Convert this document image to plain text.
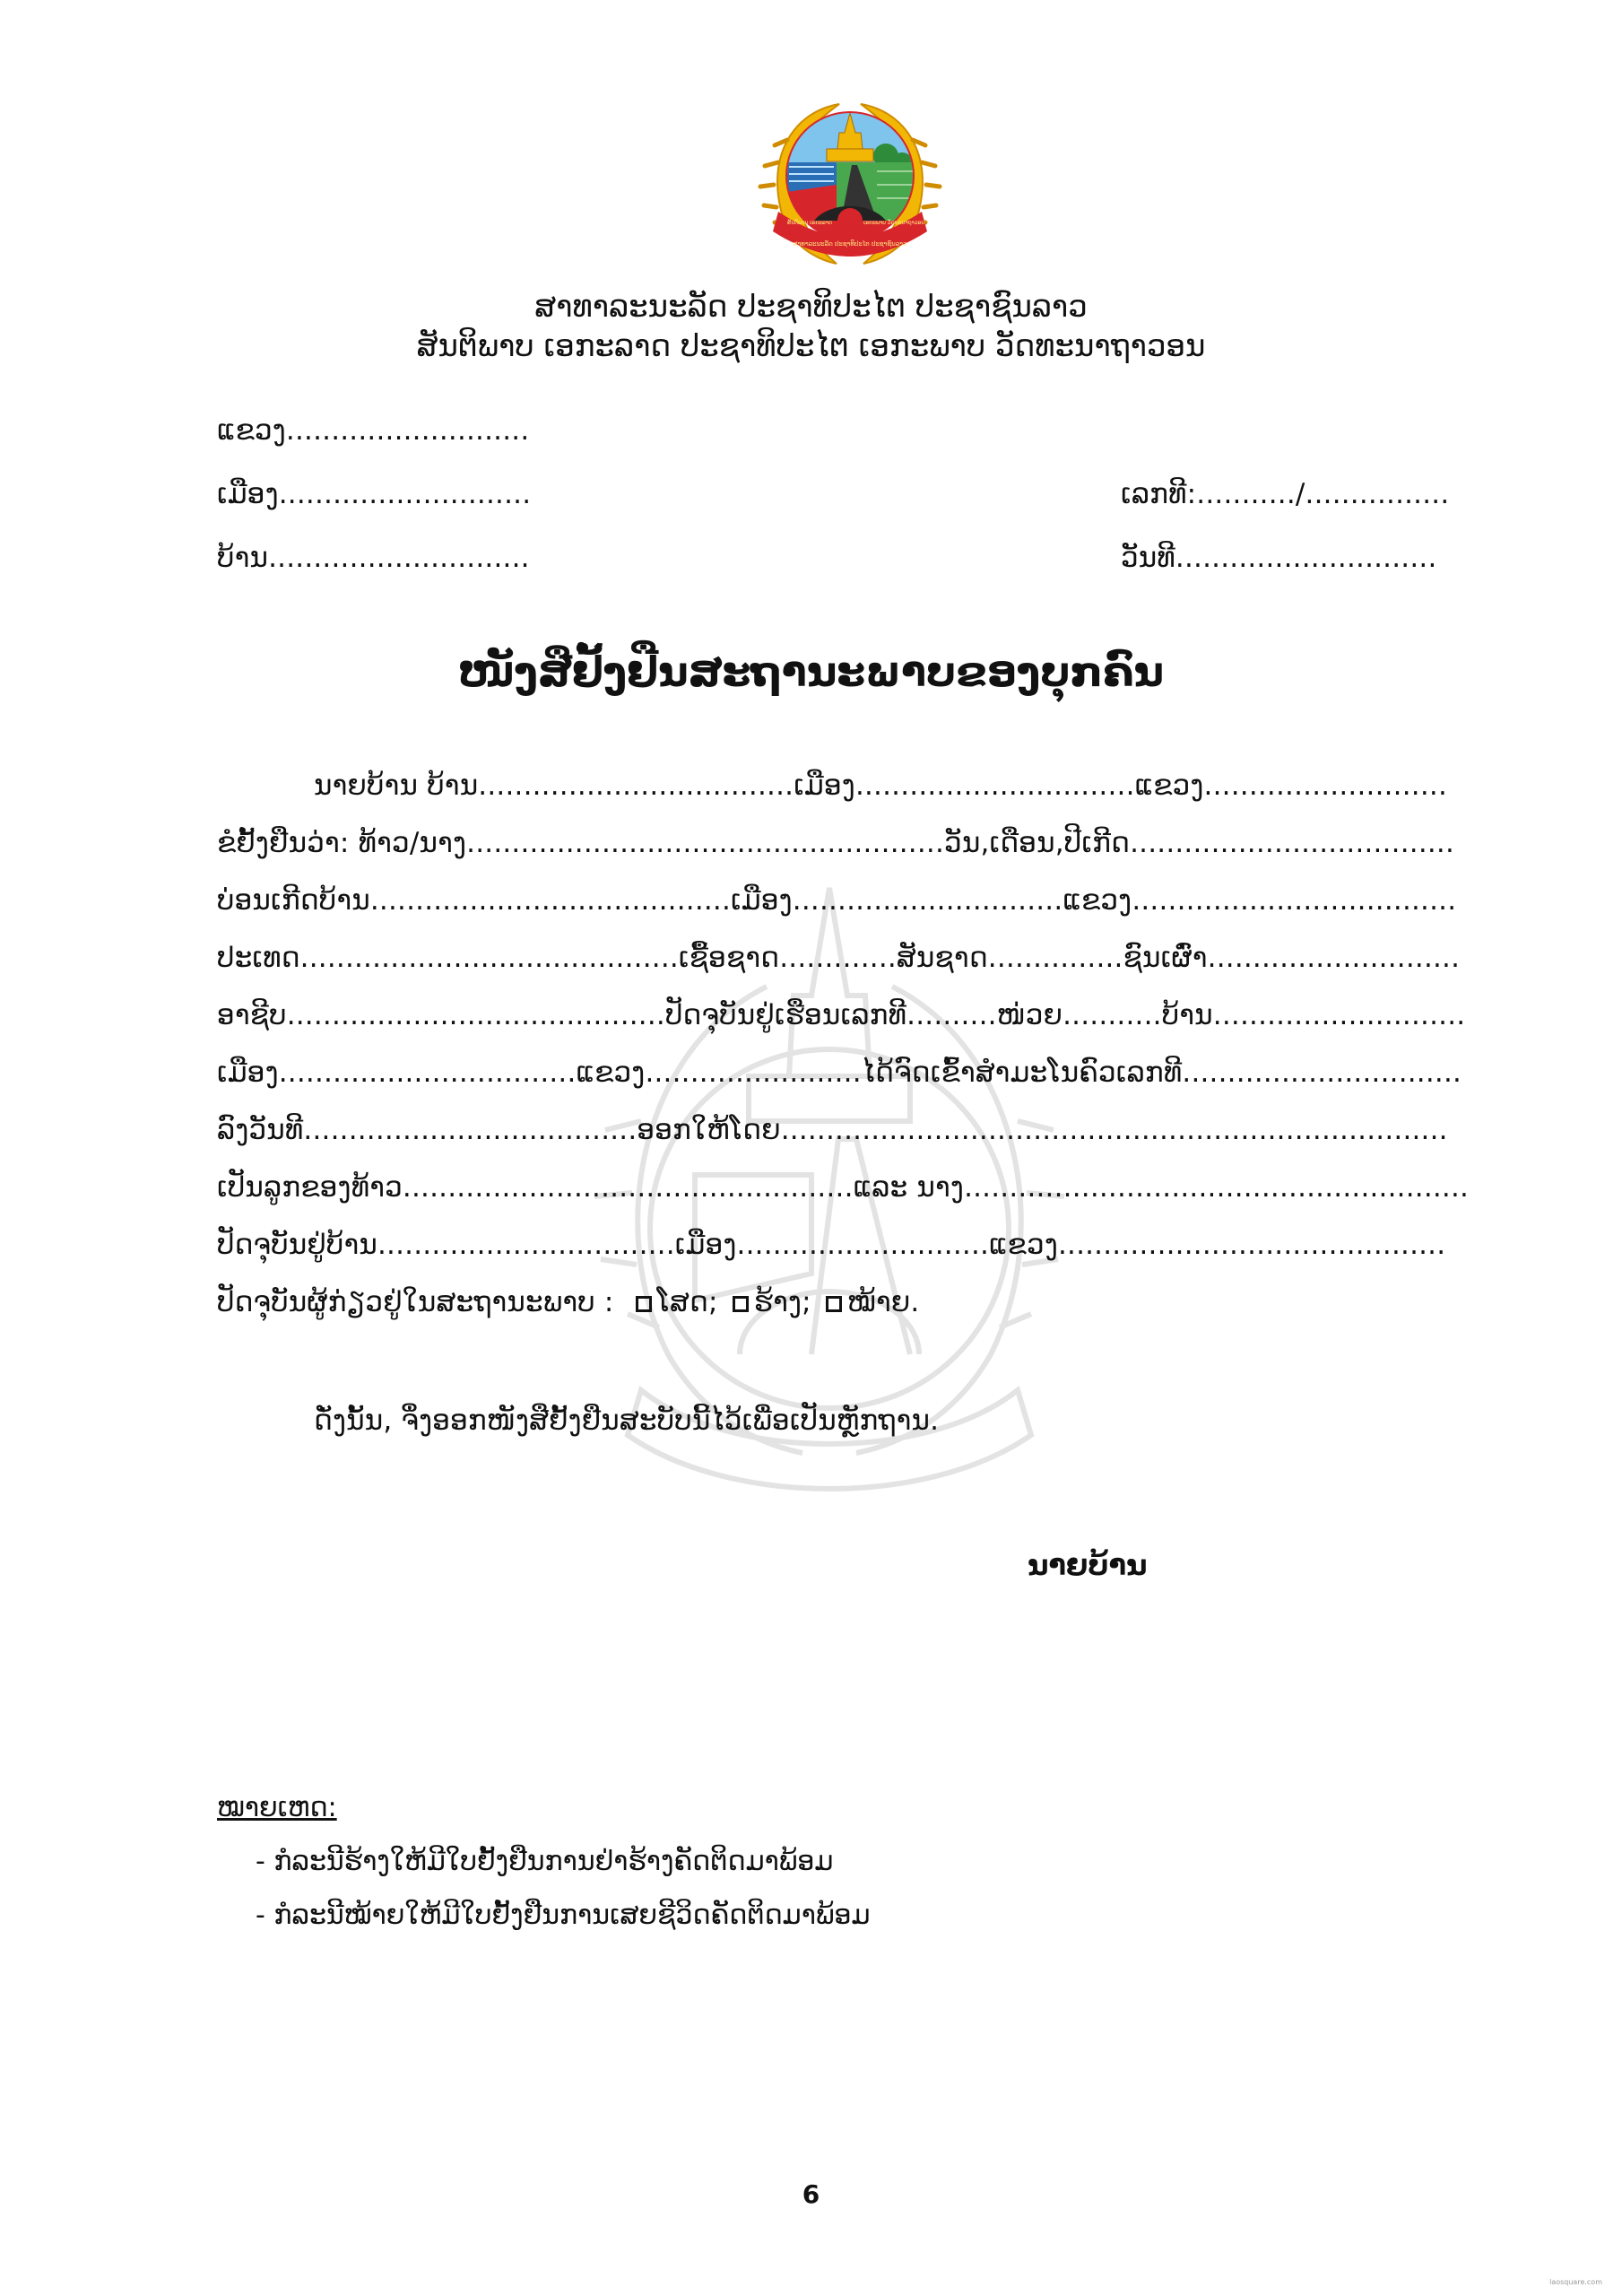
ສາທາລະນະລັດ ປະຊາທິປະໄຕ ປະຊາຊົນລາວ
ສັນຕິພາບ ເອກະລາດ	ເອກະພາບ ວັດທະນາຖາວອນ
ສາທາລະນະລັດ ປະຊາທິປະໄຕ ປະຊາຊົນລາວ
ສັນຕິພາບ ເອກະລາດ ປະຊາທິປະໄຕ ເອກະພາບ ວັດທະນາຖາວອນ
ແຂວງ...........................
ເມືອງ............................
ບ້ານ.............................
ເລກທີ:.........../................
ວັນທີ.............................
ໜັງສືຢັ້ງຢືນສະຖານະພາບຂອງບຸກຄົນ
ນາຍບ້ານ ບ້ານ...................................ເມືອງ...............................ແຂວງ...........................
ຂໍຢັ້ງຢືນວ່າ: ທ້າວ/ນາງ.....................................................ວັນ,ເດືອນ,ປີເກີດ....................................
ບ່ອນເກີດບ້ານ........................................ເມືອງ..............................ແຂວງ....................................
ປະເທດ..........................................ເຊື້ອຊາດ.............ສັນຊາດ...............ຊົນເຜົ່າ............................
ອາຊີບ..........................................ປັດຈຸບັນຢູ່ເຮືອນເລກທີ..........ໜ່ວຍ...........ບ້ານ............................
ເມືອງ.................................ແຂວງ........................ໄດ້ຈົດເຂົ້າສຳມະໂນຄົວເລກທີ...............................
ລົງວັນທີ.....................................ອອກໃຫ້ໂດຍ..........................................................................
ເປັນລູກຂອງທ້າວ..................................................ແລະ ນາງ........................................................
ປັດຈຸບັນຢູ່ບ້ານ.................................ເມືອງ............................ແຂວງ...........................................
ປັດຈຸບັນຜູ້ກ່ຽວຢູ່ໃນສະຖານະພາບ : ໂສດ; ຮ້າງ; ໝ້າຍ.
ດັ່ງນັ້ນ, ຈຶ່ງອອກໜັງສືຢັ້ງຢືນສະບັບນີ້ໄວ້ເພື່ອເປັນຫຼັກຖານ.
ນາຍບ້ານ
ໝາຍເຫດ:
- ກໍລະນີຮ້າງໃຫ້ມີໃບຢັ້ງຢືນການຢ່າຮ້າງຄັດຕິດມາພ້ອມ
- ກໍລະນີໝ້າຍໃຫ້ມີໃບຢັ້ງຢືນການເສຍຊີວິດຄັດຕິດມາພ້ອມ
6
laosquare.com
